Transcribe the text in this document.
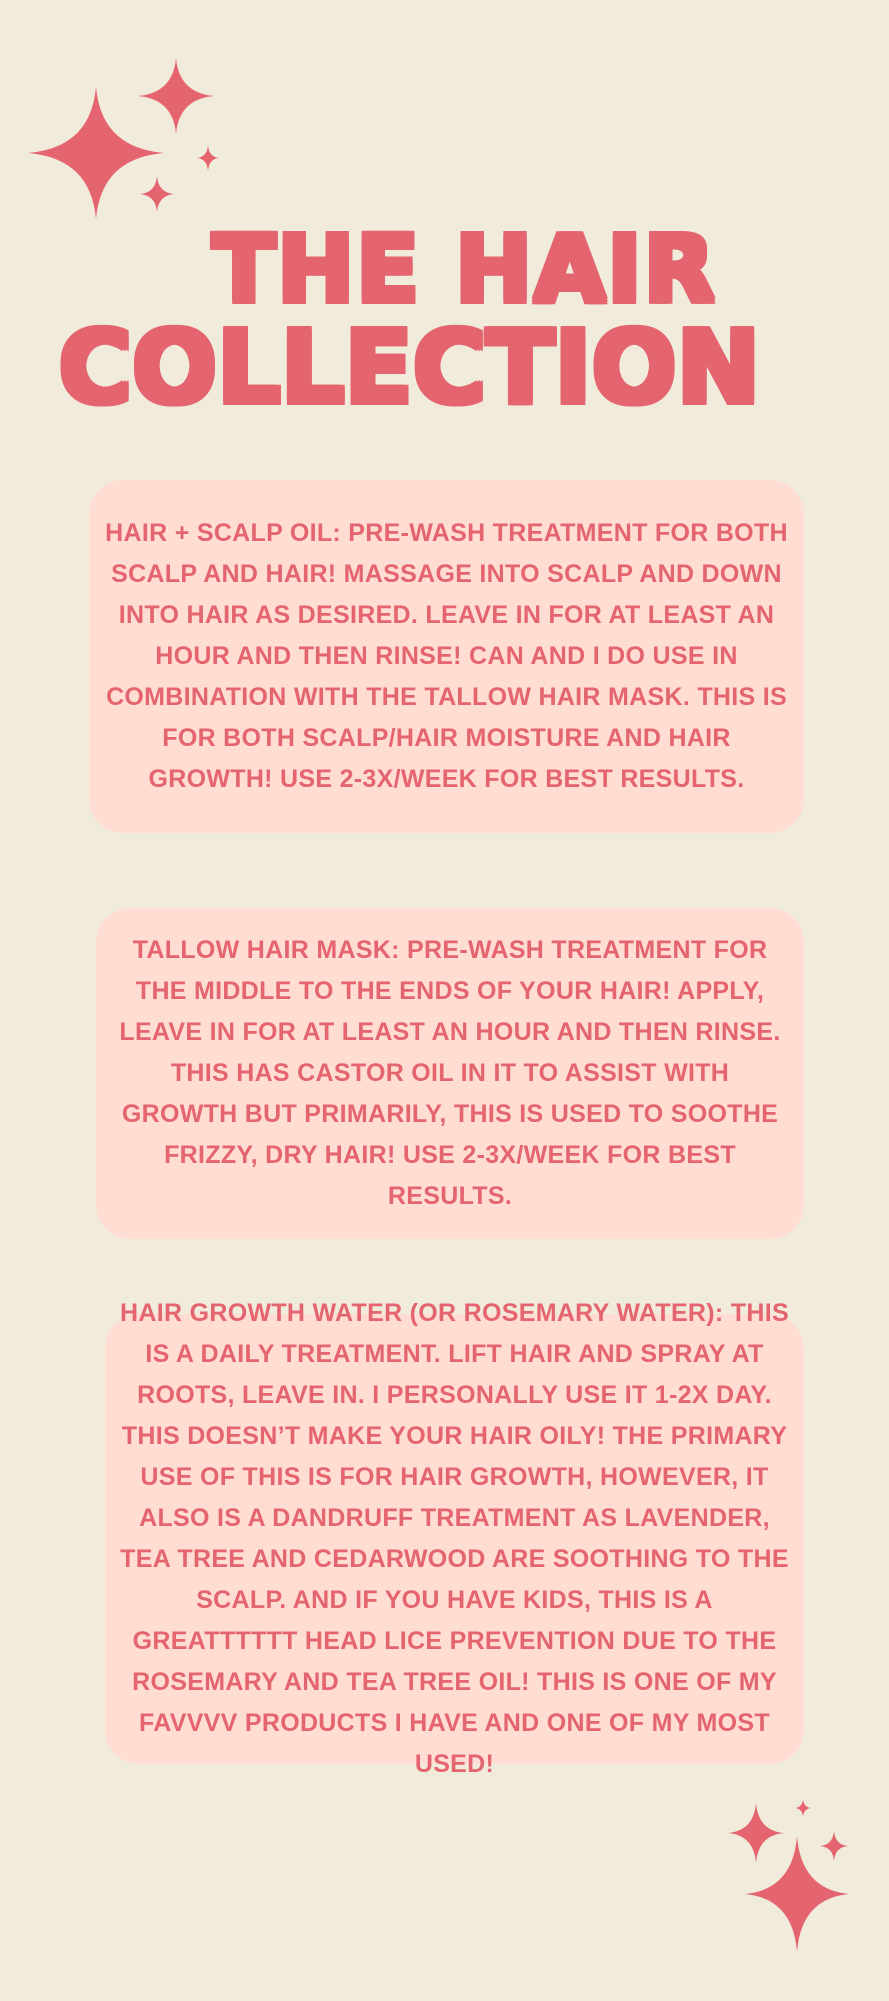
THE HAIR
COLLECTION

HAIR + SCALP OIL: PRE-WASH TREATMENT FOR BOTH SCALP AND HAIR! MASSAGE INTO SCALP AND DOWN INTO HAIR AS DESIRED. LEAVE IN FOR AT LEAST AN HOUR AND THEN RINSE! CAN AND I DO USE IN COMBINATION WITH THE TALLOW HAIR MASK. THIS IS FOR BOTH SCALP/HAIR MOISTURE AND HAIR GROWTH! USE 2-3X/WEEK FOR BEST RESULTS.

TALLOW HAIR MASK: PRE-WASH TREATMENT FOR THE MIDDLE TO THE ENDS OF YOUR HAIR! APPLY, LEAVE IN FOR AT LEAST AN HOUR AND THEN RINSE. THIS HAS CASTOR OIL IN IT TO ASSIST WITH GROWTH BUT PRIMARILY, THIS IS USED TO SOOTHE FRIZZY, DRY HAIR! USE 2-3X/WEEK FOR BEST RESULTS.

HAIR GROWTH WATER (OR ROSEMARY WATER): THIS IS A DAILY TREATMENT. LIFT HAIR AND SPRAY AT ROOTS, LEAVE IN. I PERSONALLY USE IT 1-2X DAY. THIS DOESN’T MAKE YOUR HAIR OILY! THE PRIMARY USE OF THIS IS FOR HAIR GROWTH, HOWEVER, IT ALSO IS A DANDRUFF TREATMENT AS LAVENDER, TEA TREE AND CEDARWOOD ARE SOOTHING TO THE SCALP. AND IF YOU HAVE KIDS, THIS IS A GREATTTTTT HEAD LICE PREVENTION DUE TO THE ROSEMARY AND TEA TREE OIL! THIS IS ONE OF MY FAVVVV PRODUCTS I HAVE AND ONE OF MY MOST USED!
